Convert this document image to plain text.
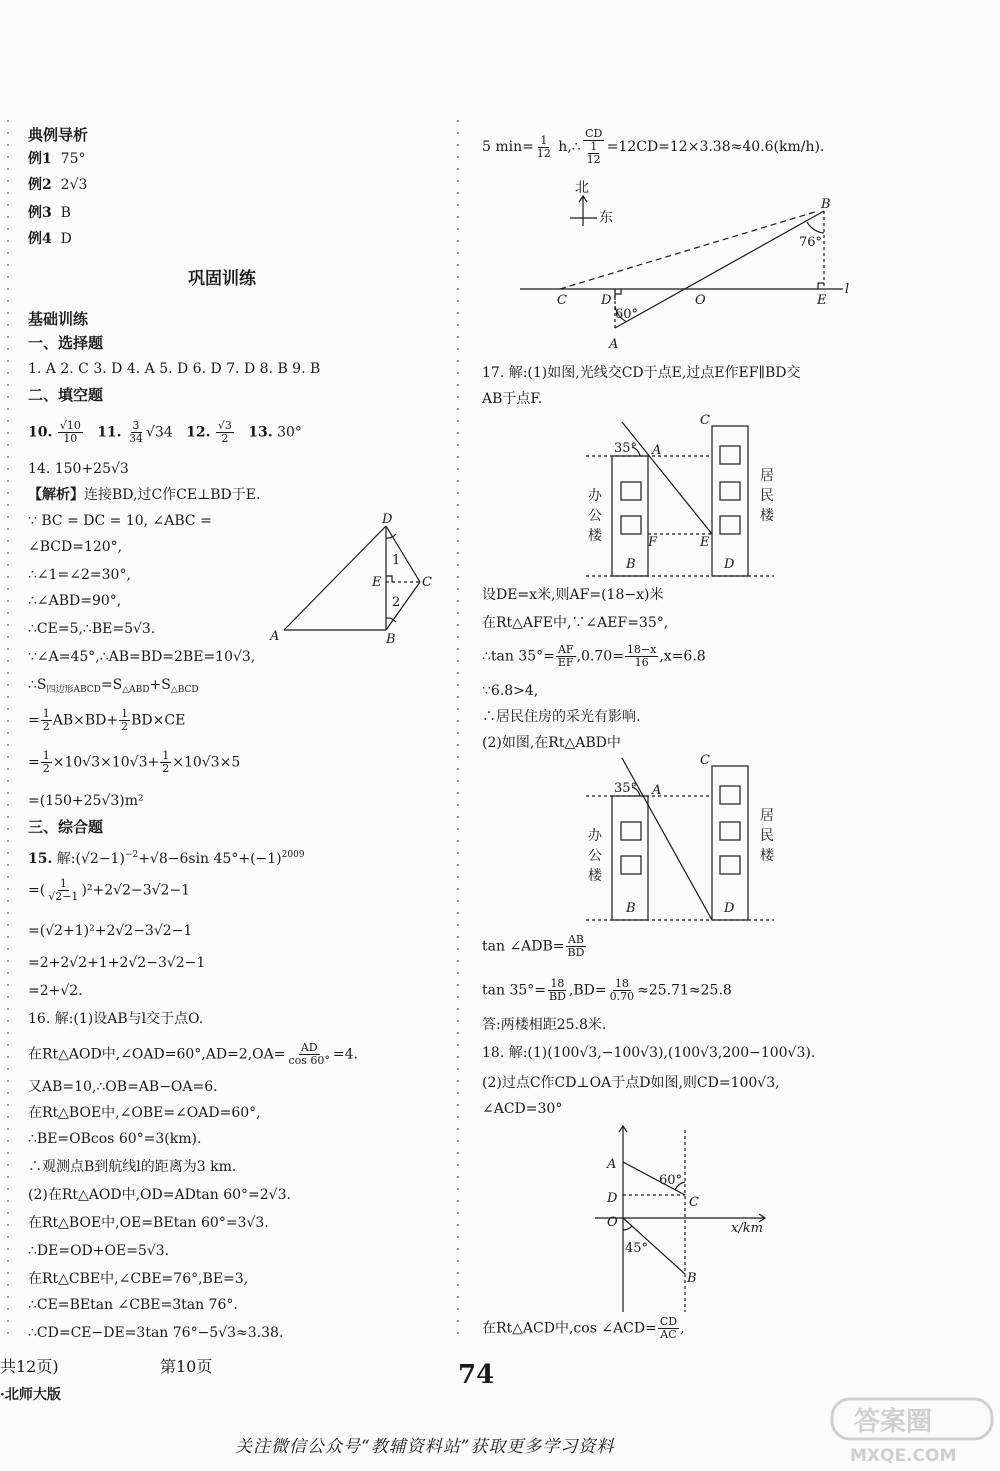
典例导析
例1 75°
例2 2√3
例3 B
例4 D
巩固训练
基础训练
一、选择题
1. A 2. C 3. D 4. A 5. D 6. D 7. D 8. B 9. B
二、填空题
10. $\frac{√10}{10} 11$. $\frac{3}{34} √34$   12. $\frac{√3}{2} 13$. 30°
14. 150+25√3
【解析】连接BD,过C作CE⊥BD于E.
∵ BC = DC = 10, ∠ABC =
∠BCD=120°,
∴∠1=∠2=30°,
∴∠ABD=90°,
∴CE=5,∴BE=5√3.
∵∠A=45°,∴AB=BD=2BE=10√3,
$\therefore S_{四边形ABCD}=S_{\triangle ABD}+S_{\triangle BCD}$
= $\frac{1}{2} AB\times BD+ \frac{1}{2} BD\times CE$
= $\frac{1}{2} \times 10√3\times 10√3+ \frac{1}{2} \times 10√3\times 5$
=(150+25√3)m²
三、综合题
15. 解$:(√2-1)^{-2}+√8-6\sin$ $45^\circ+(-1)^{2009}$
=( $\frac{1}{√2-1} )^2+2√2-3√2-1$
=(√2+1)²+2√2−3√2−1
=2+2√2+1+2√2−3√2−1
=2+√2.
16. 解:(1)设AB与l交于点O.
在Rt△AOD中,∠OAD=60°,AD=2,OA= $\frac{AD}{\cos 60^\circ} =4$.
又AB=10,∴OB=AB−OA=6.
在Rt△BOE中,∠OBE=∠OAD=60°,
∴BE=OBcos 60°=3(km).
∴观测点B到航线l的距离为3 km.
(2)在Rt△AOD中,OD=ADtan 60°=2√3.
在Rt△BOE中,OE=BEtan 60°=3√3.
∴DE=OD+OE=5√3.
在Rt△CBE中,∠CBE=76°,BE=3,
∴CE=BEtan ∠CBE=3tan 76°.
∴CD=CE−DE=3tan 76°−5√3≈3.38.
D
A	B
C
E
1
2
5 $\min= \frac{1}{12}$ h,∴ $\frac{CD}{\frac{1}{12}} =12CD=12\times 3.38\approx 40.6(km/h)$.
17. 解:(1)如图,光线交CD于点E,过点E作EF∥BD交
AB于点F.
设DE=x米,则AF=(18−x)米
在Rt△AFE中,∵∠AEF=35°,
∴tan $35^\circ= \frac{AF}{EF} ,0.70= \frac{18-x}{16} ,x=6.8$
∵6.8>4,
∴居民住房的采光有影响.
(2)如图,在Rt△ABD中
tan ∠ADB= $\frac{AB}{BD}$
$\tan 35^\circ= \frac{18}{BD} ,BD= \frac{18}{0.70} \approx 25.71\approx 25.8$
答:两楼相距25.8米.
18. 解:(1)(100√3,−100√3),(100√3,200−100√3).
(2)过点C作CD⊥OA于点D如图,则CD=100√3,
∠ACD=30°
在Rt△ACD中,cos ∠ACD= $\frac{CD}{AC}$ ,
B
76°
C	D	O	E
l
60°
A
北
东
35° A
C
F	E
B	D
办
公
楼
居
民
楼
35° A
C
B	D
办
公
楼
居
民
楼
A
60°
D	C
O
45°
B
x/km
共12页)	第10页
·北师大版
74
关注微信公众号“教辅资料站”获取更多学习资料
答案圈
MXQE.COM
